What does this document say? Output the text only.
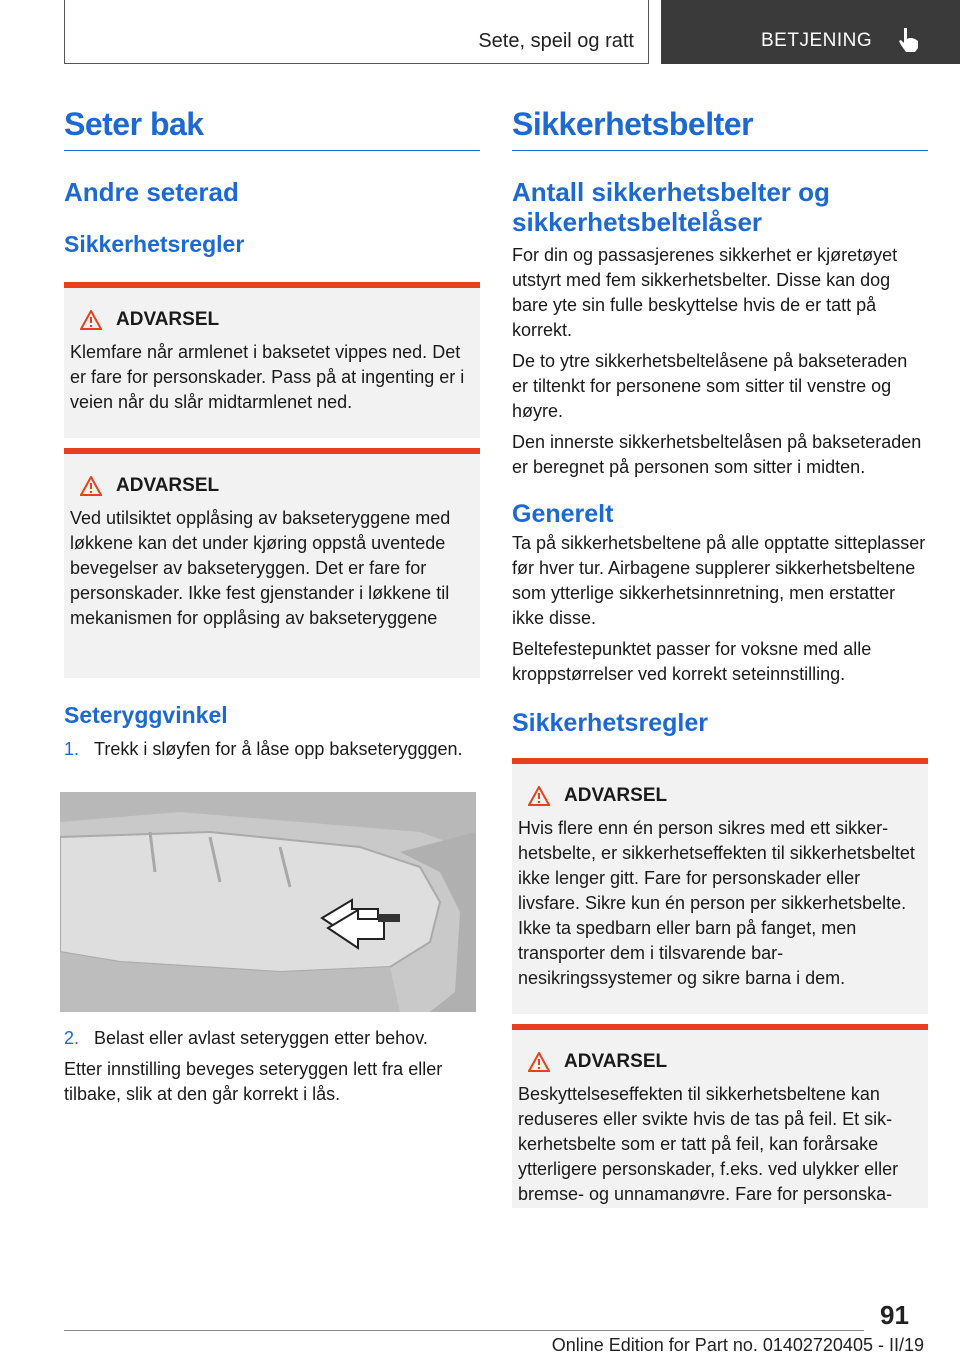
Sete, speil og ratt	BETJENING
Seter bak
Andre seterad
Sikkerhetsregler
ADVARSEL

Klemfare når armlenet i baksetet vippes ned. Det er fare for personskader. Pass på at ingenting er i veien når du slår midtarmlenet ned.

ADVARSEL

Ved utilsiktet opplåsing av bakseteryggene med løkkene kan det under kjøring oppstå uventede bevegelser av bakseteryggen. Det er fare for personskader. Ikke fest gjenstander i løkkene til mekanismen for opplåsing av bakseteryggene

Seteryggvinkel
1. Trekk i sløyfen for å låse opp bakseterygggen.
2. Belast eller avlast seteryggen etter behov.

Etter innstilling beveges seteryggen lett fra eller tilbake, slik at den går korrekt i lås.

Sikkerhetsbelter
Antall sikkerhetsbelter og sikkerhetsbeltelåser

For din og passasjerenes sikkerhet er kjøretøyet utstyrt med fem sikkerhetsbelter. Disse kan dog bare yte sin fulle beskyttelse hvis de er tatt på korrekt.

De to ytre sikkerhetsbeltelåsene på bakseteraden er tiltenkt for personene som sitter til venstre og høyre.

Den innerste sikkerhetsbeltelåsen på bakseteraden er beregnet på personen som sitter i midten.

Generelt

Ta på sikkerhetsbeltene på alle opptatte sitteplasser før hver tur. Airbagene supplerer sikkerhetsbeltene som ytterlige sikkerhetsinnretning, men erstatter ikke disse.

Beltefestepunktet passer for voksne med alle kroppstørrelser ved korrekt seteinnstilling.

Sikkerhetsregler
ADVARSEL

Hvis flere enn én person sikres med ett sikkerhetsbelte, er sikkerhetseffekten til sikkerhetsbeltet ikke lenger gitt. Fare for personskader eller livsfare. Sikre kun én person per sikkerhetsbelte. Ikke ta spedbarn eller barn på fanget, men transporter dem i tilsvarende barnesikringssystemer og sikre barna i dem.

ADVARSEL

Beskyttelseseffekten til sikkerhetsbeltene kan reduseres eller svikte hvis de tas på feil. Et sikkerhetsbelte som er tatt på feil, kan forårsake ytterligere personskader, f.eks. ved ulykker eller bremse- og unnamanøvre. Fare for personska-

91
Online Edition for Part no. 01402720405 - II/19
